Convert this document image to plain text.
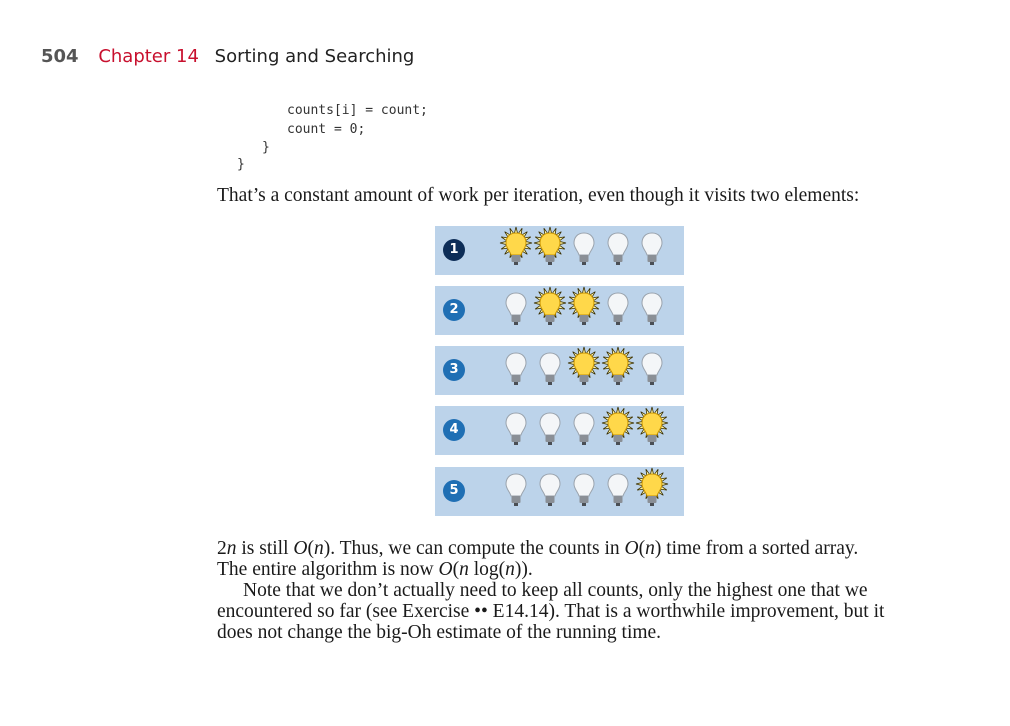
504 Chapter 14 Sorting and Searching
counts[i] = count;
count = 0;
}
}
That’s a constant amount of work per iteration, even though it visits two elements:
1
2
3
4
5
2n is still O(n). Thus, we can compute the counts in O(n) time from a sorted array.
The entire algorithm is now O(n log(n)).
Note that we don’t actually need to keep all counts, only the highest one that we
encountered so far (see Exercise •• E14.14). That is a worthwhile improvement, but it
does not change the big-Oh estimate of the running time.
